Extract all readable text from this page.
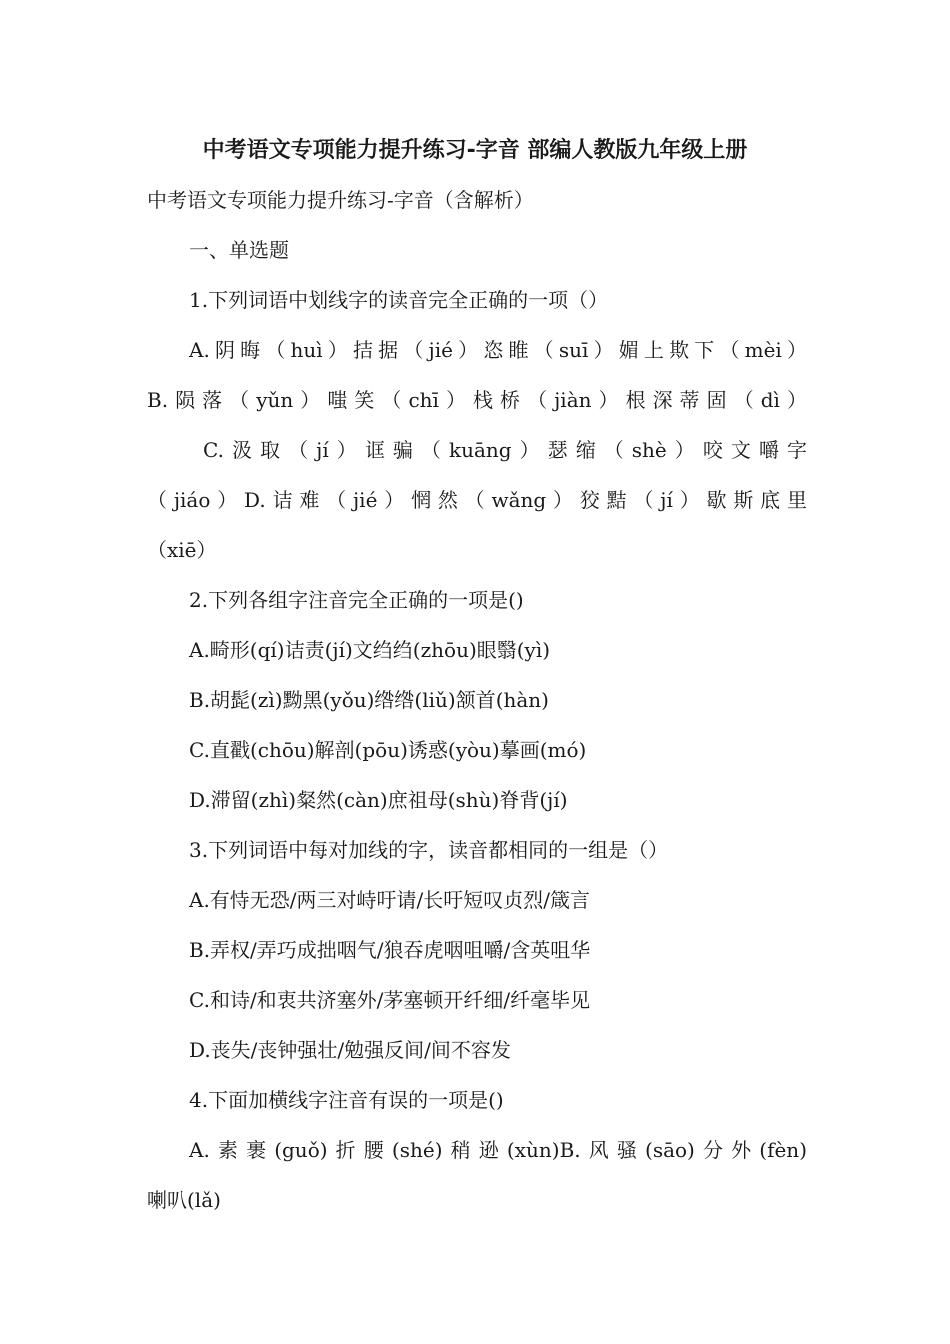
中考语文专项能力提升练习-字音 部编人教版九年级上册
中考语文专项能力提升练习-字音（含解析）
一、单选题
1.下列词语中划线字的读音完全正确的一项（）
A.阴晦（huì）拮据（jié）恣睢（suī）媚上欺下（mèi）
B.陨落（yǔn）嗤笑（chī）栈桥（jiàn）根深蒂固（dì）
C.汲取（jí）诓骗（kuāng）瑟缩（shè）咬文嚼字
（jiáo）D.诘难（jié）惘然（wǎng）狡黠（jí）歇斯底里
（xiē）
2.下列各组字注音完全正确的一项是()
A.畸形(qí)诘责(jí)文绉绉(zhōu)眼翳(yì)
B.胡髭(zì)黝黑(yǒu)绺绺(liǔ)颔首(hàn)
C.直戳(chōu)解剖(pōu)诱惑(yòu)摹画(mó)
D.滞留(zhì)粲然(càn)庶祖母(shù)脊背(jí)
3.下列词语中每对加线的字，读音都相同的一组是（）
A.有恃无恐/两三对峙吁请/长吁短叹贞烈/箴言
B.弄权/弄巧成拙咽气/狼吞虎咽咀嚼/含英咀华
C.和诗/和衷共济塞外/茅塞顿开纤细/纤毫毕见
D.丧失/丧钟强壮/勉强反间/间不容发
4.下面加横线字注音有误的一项是()
A.素裹(guǒ)折腰(shé)稍逊(xùn)B.风骚(sāo)分外(fèn)
喇叭(lǎ)
